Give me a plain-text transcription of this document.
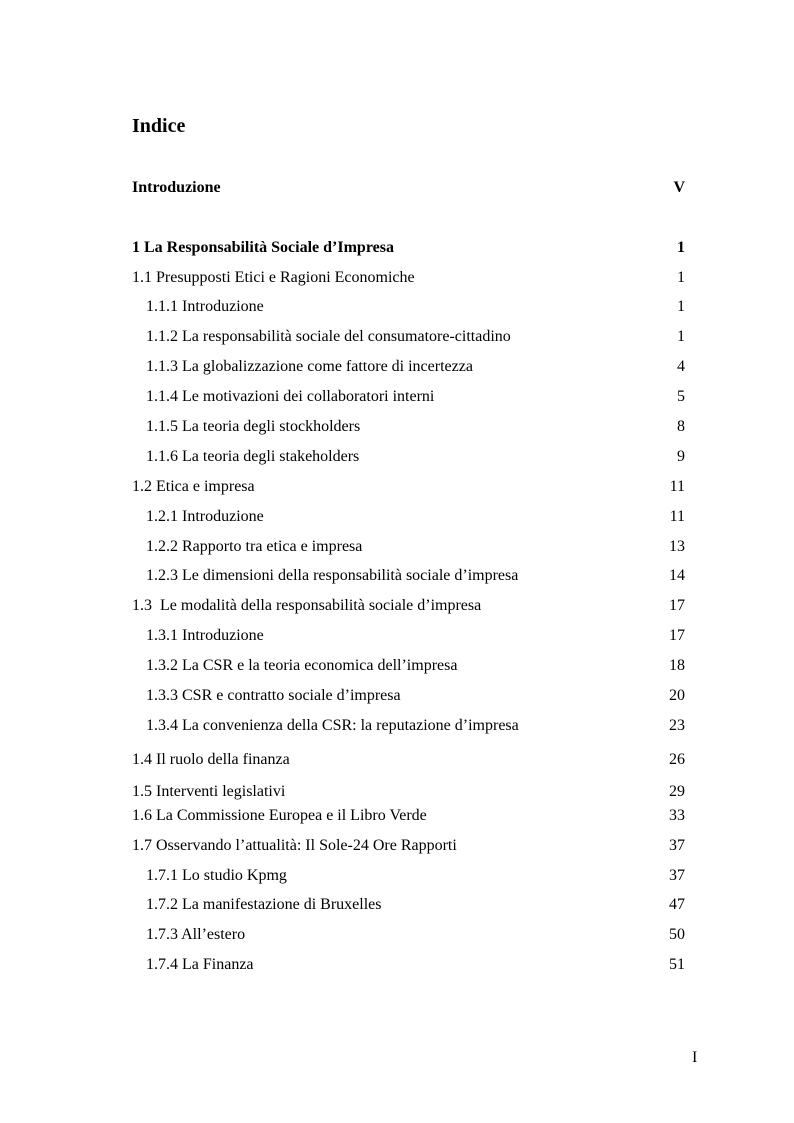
Indice
Introduzione	V
1 La Responsabilità Sociale d’Impresa	1
1.1 Presupposti Etici e Ragioni Economiche	1
1.1.1 Introduzione	1
1.1.2 La responsabilità sociale del consumatore-cittadino	1
1.1.3 La globalizzazione come fattore di incertezza	4
1.1.4 Le motivazioni dei collaboratori interni	5
1.1.5 La teoria degli stockholders	8
1.1.6 La teoria degli stakeholders	9
1.2 Etica e impresa	11
1.2.1 Introduzione	11
1.2.2 Rapporto tra etica e impresa	13
1.2.3 Le dimensioni della responsabilità sociale d’impresa	14
1.3  Le modalità della responsabilità sociale d’impresa	17
1.3.1 Introduzione	17
1.3.2 La CSR e la teoria economica dell’impresa	18
1.3.3 CSR e contratto sociale d’impresa	20
1.3.4 La convenienza della CSR: la reputazione d’impresa	23
1.4 Il ruolo della finanza	26
1.5 Interventi legislativi	29
1.6 La Commissione Europea e il Libro Verde	33
1.7 Osservando l’attualità: Il Sole-24 Ore Rapporti	37
1.7.1 Lo studio Kpmg	37
1.7.2 La manifestazione di Bruxelles	47
1.7.3 All’estero	50
1.7.4 La Finanza	51
I
